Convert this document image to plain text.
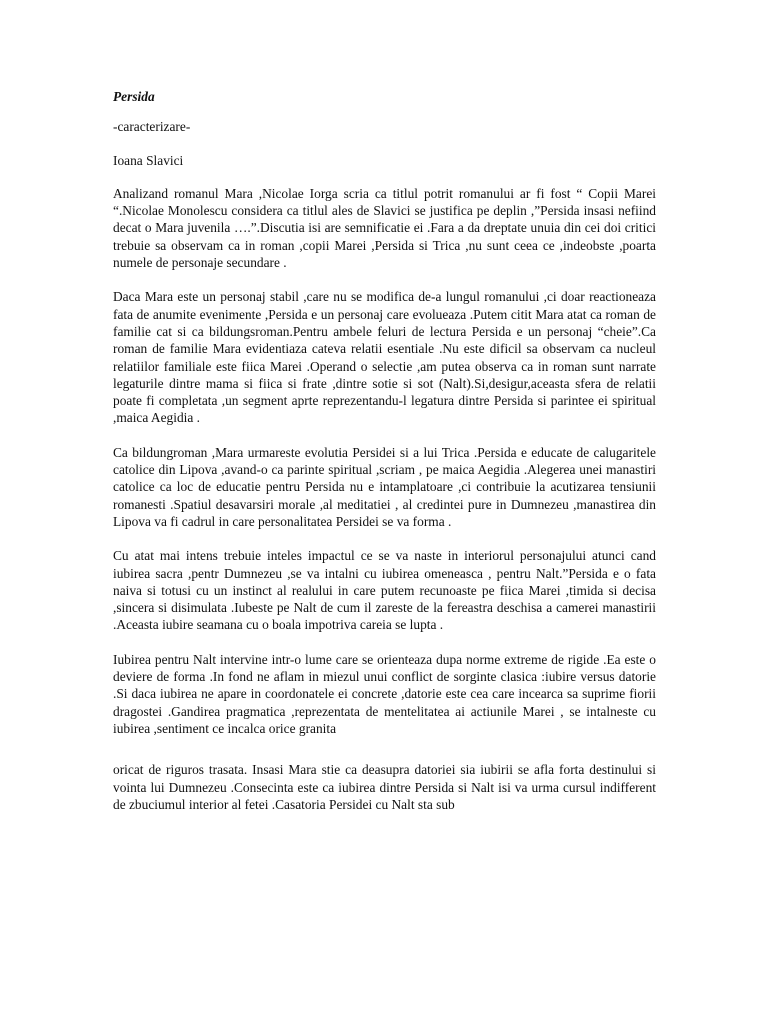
Persida
-caracterizare-
Ioana Slavici

Analizand romanul Mara ,Nicolae Iorga scria ca titlul potrit romanului ar fi fost “ Copii Marei “.Nicolae Monolescu considera ca titlul ales de Slavici se justifica pe deplin ,”Persida insasi nefiind decat o Mara juvenila ….”.Discutia isi are semnificatie ei .Fara a da dreptate unuia din cei doi critici trebuie sa observam ca in roman ,copii Marei ,Persida si Trica ,nu sunt ceea ce ,indeobste ,poarta numele de personaje secundare .

Daca Mara este un personaj stabil ,care nu se modifica de-a lungul romanului ,ci doar reactioneaza fata de anumite evenimente ,Persida e un personaj care evolueaza .Putem citit Mara atat ca roman de familie cat si ca bildungsroman.Pentru ambele feluri de lectura Persida e un personaj “cheie”.Ca roman de familie Mara evidentiaza cateva relatii esentiale .Nu este dificil sa observam ca nucleul relatiilor familiale este fiica Marei .Operand o selectie ,am putea observa ca in roman sunt narrate legaturile dintre mama si fiica si frate ,dintre sotie si sot (Nalt).Si,desigur,aceasta sfera de relatii poate fi completata ,un segment aprte reprezentandu-l legatura dintre Persida si parintee ei spiritual ,maica Aegidia .

Ca bildungroman ,Mara urmareste evolutia Persidei si a lui Trica .Persida e educate de calugaritele catolice din Lipova ,avand-o ca parinte spiritual ,scriam , pe maica Aegidia .Alegerea unei manastiri catolice ca loc de educatie pentru Persida nu e intamplatoare ,ci contribuie la acutizarea tensiunii romanesti .Spatiul desavarsiri morale ,al meditatiei , al credintei pure in Dumnezeu ,manastirea din Lipova va fi cadrul in care personalitatea Persidei se va forma .

Cu atat mai intens trebuie inteles impactul ce se va naste in interiorul personajului atunci cand iubirea sacra ,pentr Dumnezeu ,se va intalni cu iubirea omeneasca , pentru Nalt.”Persida e o fata naiva si totusi cu un instinct al realului in care putem recunoaste pe fiica Marei ,timida si decisa ,sincera si disimulata .Iubeste pe Nalt de cum il zareste de la fereastra deschisa a camerei manastirii .Aceasta iubire seamana cu o boala impotriva careia se lupta .

Iubirea pentru Nalt intervine intr-o lume care se orienteaza dupa norme extreme de rigide .Ea este o deviere de forma .In fond ne aflam in miezul unui conflict de sorginte clasica :iubire versus datorie .Si daca iubirea ne apare in coordonatele ei concrete ,datorie este cea care incearca sa suprime fiorii dragostei .Gandirea pragmatica ,reprezentata de mentelitatea ai actiunile Marei , se intalneste cu iubirea ,sentiment ce incalca orice granita

oricat de riguros trasata. Insasi Mara stie ca deasupra datoriei sia iubirii se afla forta destinului si vointa lui Dumnezeu .Consecinta este ca iubirea dintre Persida si Nalt isi va urma cursul indifferent de zbuciumul interior al fetei .Casatoria Persidei cu Nalt sta sub
